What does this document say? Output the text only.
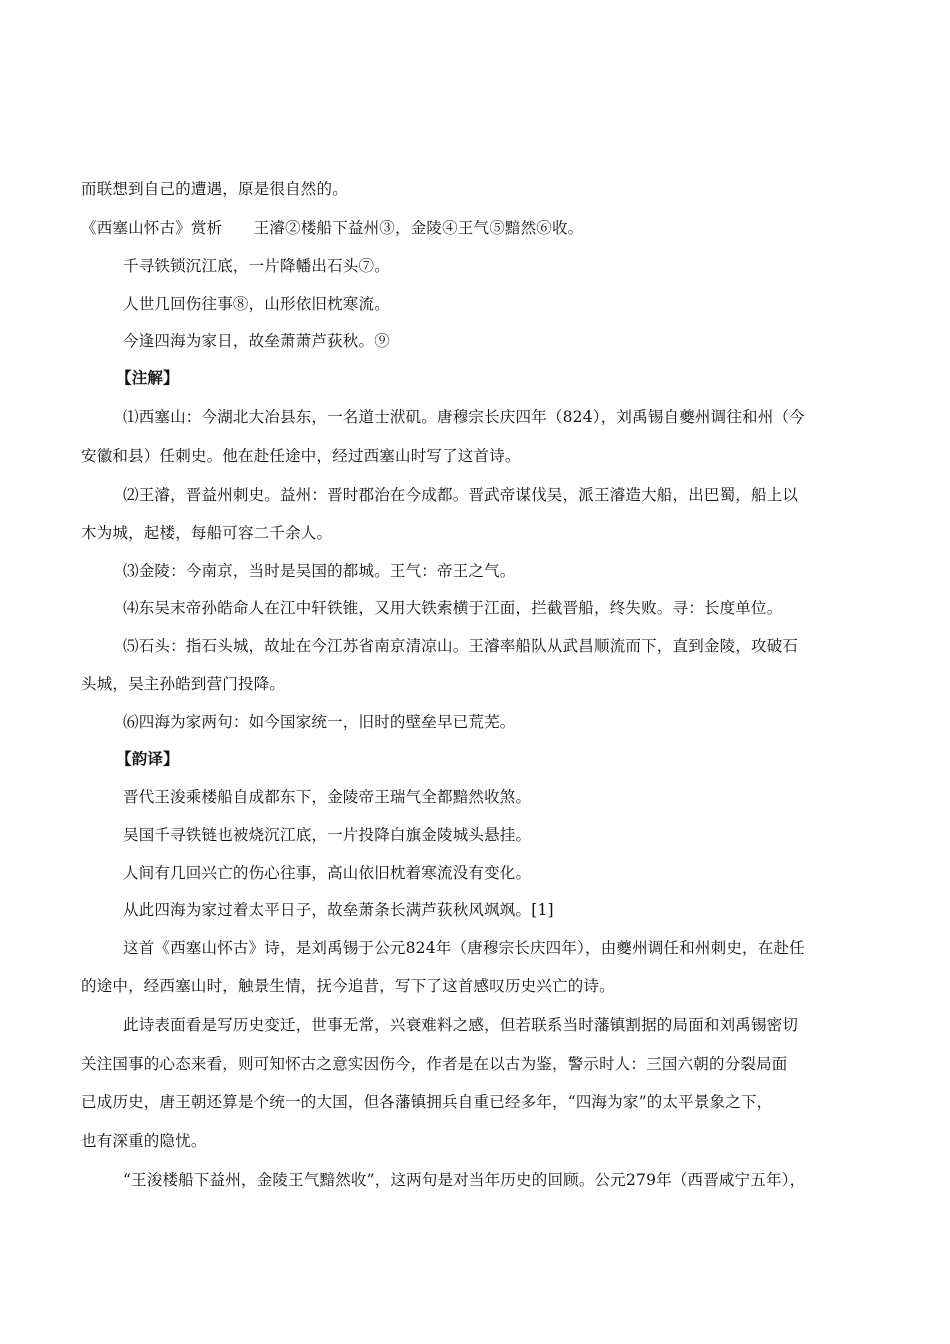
而联想到自己的遭遇，原是很自然的。
《西塞山怀古》赏析　　王濬②楼船下益州③，金陵④王气⑤黯然⑥收。
千寻铁锁沉江底，一片降幡出石头⑦。
人世几回伤往事⑧，山形依旧枕寒流。
今逢四海为家日，故垒萧萧芦荻秋。⑨
【注解】
⑴西塞山：今湖北大冶县东，一名道士洑矶。唐穆宗长庆四年（824），刘禹锡自夔州调往和州（今
安徽和县）任刺史。他在赴任途中，经过西塞山时写了这首诗。
⑵王濬，晋益州刺史。益州：晋时郡治在今成都。晋武帝谋伐吴，派王濬造大船，出巴蜀，船上以
木为城，起楼，每船可容二千余人。
⑶金陵：今南京，当时是吴国的都城。王气：帝王之气。
⑷东吴末帝孙皓命人在江中轩铁锥，又用大铁索横于江面，拦截晋船，终失败。寻：长度单位。
⑸石头：指石头城，故址在今江苏省南京清凉山。王濬率船队从武昌顺流而下，直到金陵，攻破石
头城，吴主孙皓到营门投降。
⑹四海为家两句：如今国家统一，旧时的壁垒早已荒芜。
【韵译】
晋代王浚乘楼船自成都东下，金陵帝王瑞气全都黯然收煞。
吴国千寻铁链也被烧沉江底，一片投降白旗金陵城头悬挂。
人间有几回兴亡的伤心往事，高山依旧枕着寒流没有变化。
从此四海为家过着太平日子，故垒萧条长满芦荻秋风飒飒。[1]
这首《西塞山怀古》诗，是刘禹锡于公元824年（唐穆宗长庆四年），由夔州调任和州刺史，在赴任
的途中，经西塞山时，触景生情，抚今追昔，写下了这首感叹历史兴亡的诗。
此诗表面看是写历史变迁，世事无常，兴衰难料之感，但若联系当时藩镇割据的局面和刘禹锡密切
关注国事的心态来看，则可知怀古之意实因伤今，作者是在以古为鉴，警示时人：三国六朝的分裂局面
已成历史，唐王朝还算是个统一的大国，但各藩镇拥兵自重已经多年，“四海为家”的太平景象之下，
也有深重的隐忧。
“王浚楼船下益州，金陵王气黯然收”，这两句是对当年历史的回顾。公元279年（西晋咸宁五年），
